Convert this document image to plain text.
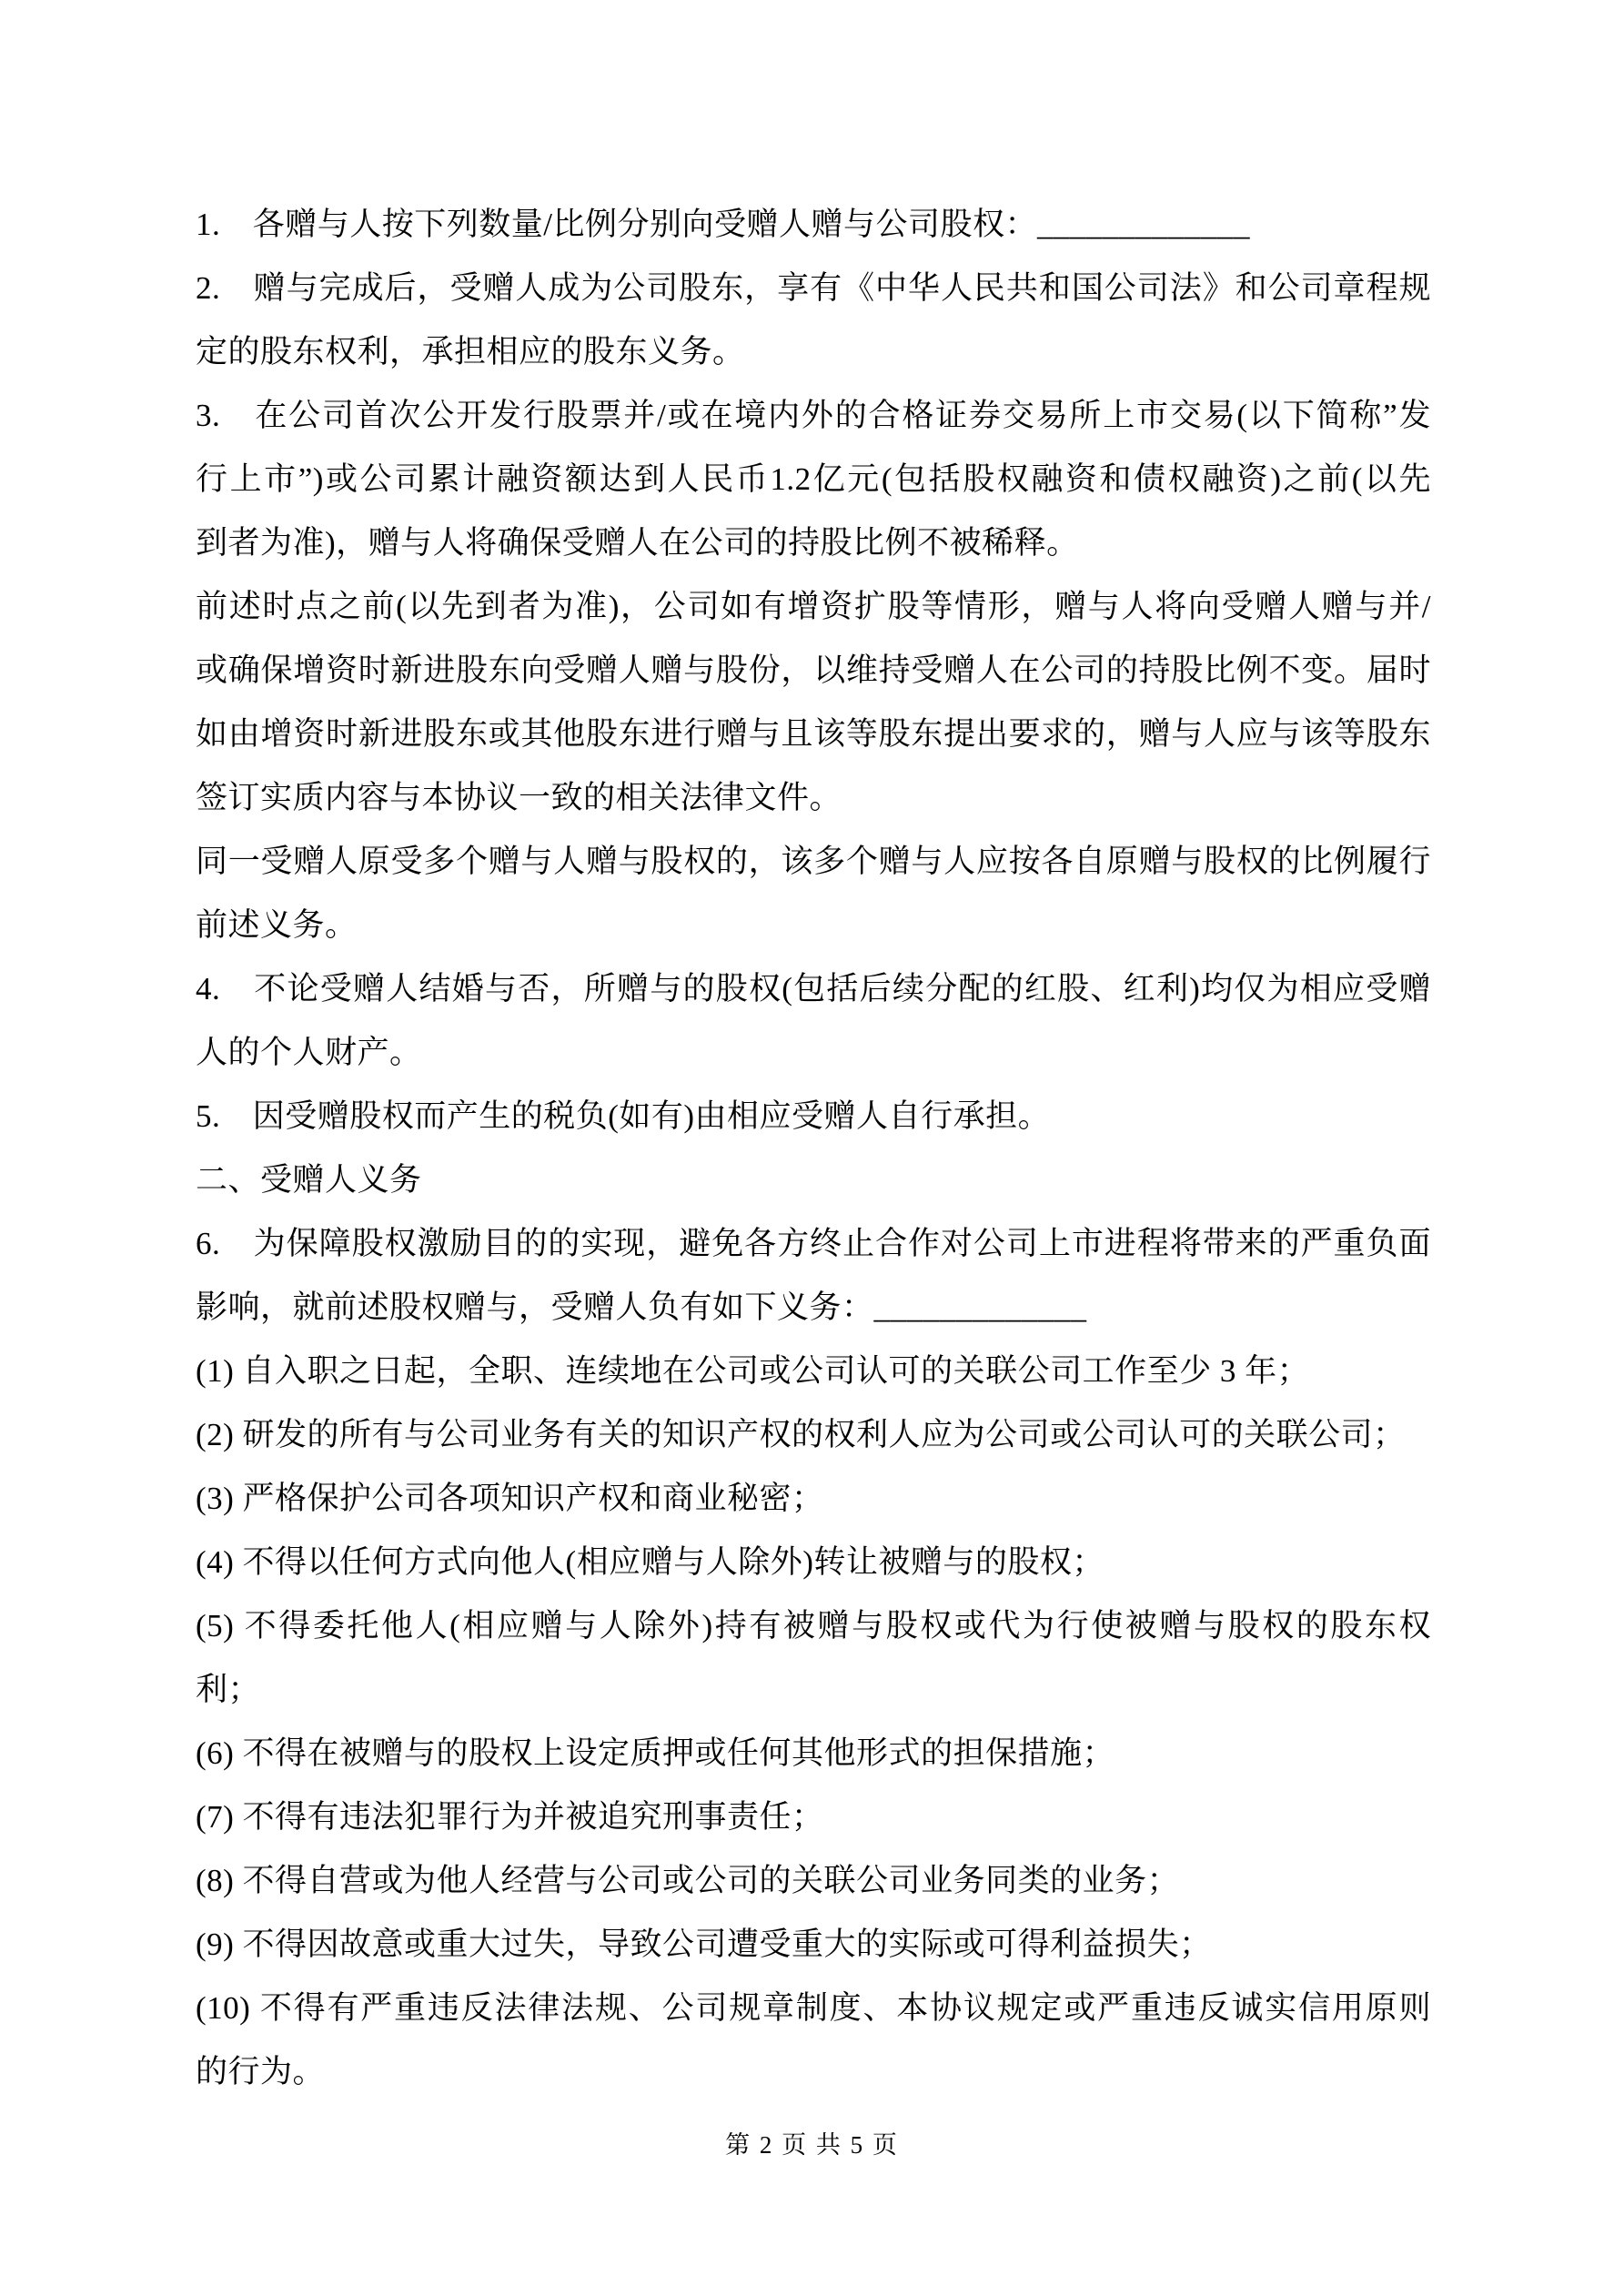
1.　各赠与人按下列数量/比例分别向受赠人赠与公司股权：_____________
2.　赠与完成后，受赠人成为公司股东，享有《中华人民共和国公司法》和公司章程规
定的股东权利，承担相应的股东义务。
3.　在公司首次公开发行股票并/或在境内外的合格证券交易所上市交易(以下简称”发
行上市”)或公司累计融资额达到人民币1.2亿元(包括股权融资和债权融资)之前(以先
到者为准)，赠与人将确保受赠人在公司的持股比例不被稀释。
前述时点之前(以先到者为准)，公司如有增资扩股等情形，赠与人将向受赠人赠与并/
或确保增资时新进股东向受赠人赠与股份，以维持受赠人在公司的持股比例不变。届时
如由增资时新进股东或其他股东进行赠与且该等股东提出要求的，赠与人应与该等股东
签订实质内容与本协议一致的相关法律文件。
同一受赠人原受多个赠与人赠与股权的，该多个赠与人应按各自原赠与股权的比例履行
前述义务。
4.　不论受赠人结婚与否，所赠与的股权(包括后续分配的红股、红利)均仅为相应受赠
人的个人财产。
5.　因受赠股权而产生的税负(如有)由相应受赠人自行承担。
二、受赠人义务
6.　为保障股权激励目的的实现，避免各方终止合作对公司上市进程将带来的严重负面
影响，就前述股权赠与，受赠人负有如下义务：_____________
(1) 自入职之日起，全职、连续地在公司或公司认可的关联公司工作至少 3 年；
(2) 研发的所有与公司业务有关的知识产权的权利人应为公司或公司认可的关联公司；
(3) 严格保护公司各项知识产权和商业秘密；
(4) 不得以任何方式向他人(相应赠与人除外)转让被赠与的股权；
(5) 不得委托他人(相应赠与人除外)持有被赠与股权或代为行使被赠与股权的股东权
利；
(6) 不得在被赠与的股权上设定质押或任何其他形式的担保措施；
(7) 不得有违法犯罪行为并被追究刑事责任；
(8) 不得自营或为他人经营与公司或公司的关联公司业务同类的业务；
(9) 不得因故意或重大过失，导致公司遭受重大的实际或可得利益损失；
(10) 不得有严重违反法律法规、公司规章制度、本协议规定或严重违反诚实信用原则
的行为。
第 2 页 共 5 页
